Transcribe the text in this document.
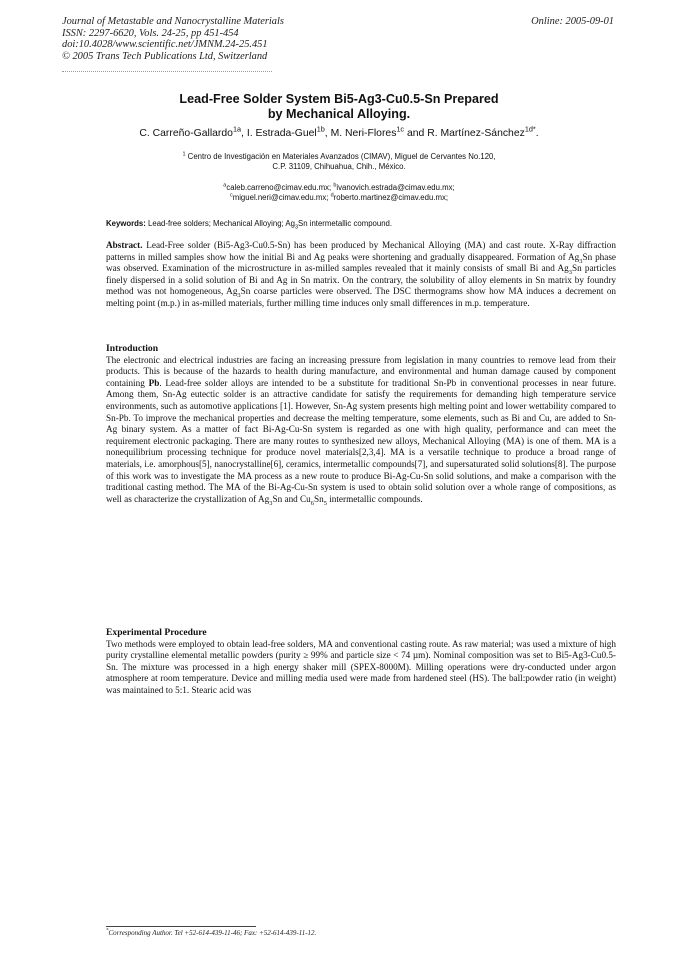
Journal of Metastable and Nanocrystalline Materials
ISSN: 2297-6620, Vols. 24-25, pp 451-454
doi:10.4028/www.scientific.net/JMNM.24-25.451
© 2005 Trans Tech Publications Ltd, Switzerland
Online: 2005-09-01
Lead-Free Solder System Bi5-Ag3-Cu0.5-Sn Prepared
by Mechanical Alloying.
C. Carreño-Gallardo$^{1a}$, I. Estrada-Guel$^{1b}$, M. Neri-Flores$^{1c}$ and R. Martínez-Sánchez$^{1d*}$.
$^1$ Centro de Investigación en Materiales Avanzados (CIMAV), Miguel de Cervantes No.120,
C.P. 31109, Chihuahua, Chih., México.
$^a$caleb.carreno@cimav.edu.mx; $^b$ivanovich.estrada@cimav.edu.mx;
$^c$miguel.neri@cimav.edu.mx; $^d$roberto.martinez@cimav.edu.mx;
Keywords: Lead-free solders; Mechanical Alloying; $Ag_3Sn$ intermetallic compound.

Abstract. Lead-Free solder (Bi5-Ag3-Cu0.5-Sn) has been produced by Mechanical Alloying (MA) and cast route. X-Ray diffraction patterns in milled samples show how the initial Bi and Ag peaks were shortening and gradually disappeared. Formation of $Ag_3Sn$ phase was observed. Examination of the microstructure in as-milled samples revealed that it mainly consists of small Bi and $Ag_3Sn$ particles finely dispersed in a solid solution of Bi and Ag in Sn matrix. On the contrary, the solubility of alloy elements in Sn matrix by foundry method was not homogeneous, $Ag_3Sn$ coarse particles were observed. The DSC thermograms show how MA induces a decrement on melting point (m.p.) in as-milled materials, further milling time induces only small differences in m.p. temperature.

Introduction

The electronic and electrical industries are facing an increasing pressure from legislation in many countries to remove lead from their products. This is because of the hazards to health during manufacture, and environmental and human damage caused by component containing Pb. Lead-free solder alloys are intended to be a substitute for traditional Sn-Pb in conventional processes in near future. Among them, Sn-Ag eutectic solder is an attractive candidate for satisfy the requirements for demanding high temperature service environments, such as automotive applications [1]. However, Sn-Ag system presents high melting point and lower wettability compared to Sn-Pb. To improve the mechanical properties and decrease the melting temperature, some elements, such as Bi and Cu, are added to Sn-Ag binary system. As a matter of fact Bi-Ag-Cu-Sn system is regarded as one with high quality, performance and can meet the requirement electronic packaging. There are many routes to synthesized new alloys, Mechanical Alloying (MA) is one of them. MA is a nonequilibrium processing technique for produce novel materials[2,3,4]. MA is a versatile technique to produce a broad range of materials, i.e. amorphous[5], nanocrystalline[6], ceramics, intermetallic compounds[7], and supersaturated solid solutions[8]. The purpose of this work was to investigate the MA process as a new route to produce Bi-Ag-Cu-Sn solid solutions, and make a comparison with the traditional casting method. The MA of the Bi-Ag-Cu-Sn system is used to obtain solid solution over a whole range of compositions, as well as characterize the crystallization of $Ag_3Sn$ and $Cu_6Sn_5$ intermetallic compounds.

Experimental Procedure

Two methods were employed to obtain lead-free solders, MA and conventional casting route. As raw material; was used a mixture of high purity crystalline elemental metallic powders (purity ≥ 99% and particle size < 74 µm). Nominal composition was set to Bi5-Ag3-Cu0.5-Sn. The mixture was processed in a high energy shaker mill (SPEX-8000M). Milling operations were dry-conducted under argon atmosphere at room temperature. Device and milling media used were made from hardened steel (HS). The ball:powder ratio (in weight) was maintained to 5:1. Stearic acid was

*Corresponding Author. Tel +52-614-439-11-46; Fax: +52-614-439-11-12.
